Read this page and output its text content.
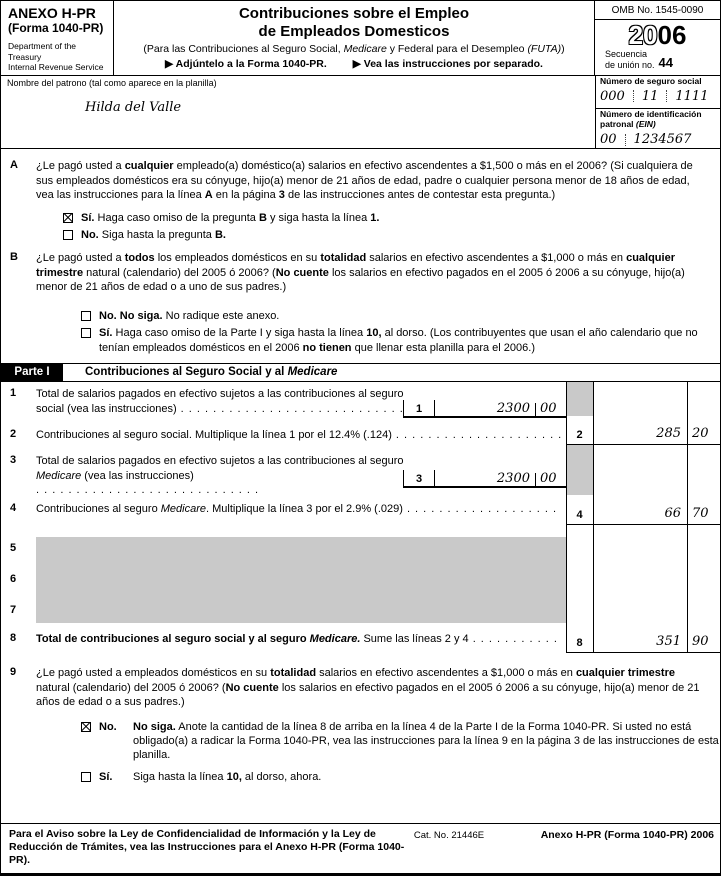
ANEXO H-PR
(Forma 1040-PR)
Department of the Treasury
Internal Revenue Service
Contribuciones sobre el Empleo
de Empleados Domesticos
(Para las Contribuciones al Seguro Social, Medicare y Federal para el Desempleo (FUTA))
▶ Adjúntelo a la Forma 1040-PR. ▶ Vea las instrucciones por separado.
OMB No. 1545-0090
2006
Secuencia
de unión no. 44
Nombre del patrono (tal como aparece en la planilla)
Hilda del Valle
Número de seguro social
000 11 1111
Número de identificación
patronal (EIN)
00 1234567
A	¿Le pagó usted a cualquier empleado(a) doméstico(a) salarios en efectivo ascendentes a $1,500 o más en el 2006? (Si cualquiera de sus empleados domésticos era su cónyuge, hijo(a) menor de 21 años de edad, padre o cualquier persona menor de 18 años de edad, vea las instrucciones para la línea A en la página 3 de las instrucciones antes de contestar esta pregunta.)
Sí. Haga caso omiso de la pregunta B y siga hasta la línea 1.
No. Siga hasta la pregunta B.
B	¿Le pagó usted a todos los empleados domésticos en su totalidad salarios en efectivo ascendentes a $1,000 o más en cualquier trimestre natural (calendario) del 2005 ó 2006? (No cuente los salarios en efectivo pagados en el 2005 ó 2006 a su cónyuge, hijo(a) menor de 21 años de edad o a uno de sus padres.)
No. No siga. No radique este anexo.
Sí. Haga caso omiso de la Parte I y siga hasta la línea 10, al dorso. (Los contribuyentes que usan el año calendario que no tenían empleados domésticos en el 2006 no tienen que llenar esta planilla para el 2006.)
Parte I	Contribuciones al Seguro Social y al Medicare
1	Total de salarios pagados en efectivo sujetos a las contribuciones al seguro social (vea las instrucciones) . .	1	2300 00
2	Contribuciones al seguro social. Multiplique la línea 1 por el 12.4% (.124) . .	2	285 20
3	Total de salarios pagados en efectivo sujetos a las contribuciones al seguro Medicare (vea las instrucciones) . .	3	2300 00
4	Contribuciones al seguro Medicare. Multiplique la línea 3 por el 2.9% (.029) . .	4	66 70
5
6
7
8	Total de contribuciones al seguro social y al seguro Medicare. Sume las líneas 2 y 4 . .	8	351 90
9	¿Le pagó usted a empleados domésticos en su totalidad salarios en efectivo ascendentes a $1,000 o más en cualquier trimestre natural (calendario) del 2005 ó 2006? (No cuente los salarios en efectivo pagados en el 2005 ó 2006 a su cónyuge, hijo(a) menor de 21 años de edad o a sus padres.)
No.	No siga. Anote la cantidad de la línea 8 de arriba en la línea 4 de la Parte I de la Forma 1040-PR. Si usted no está obligado(a) a radicar la Forma 1040-PR, vea las instrucciones para la línea 9 en la página 3 de las instrucciones de esta planilla.
Sí.	Siga hasta la línea 10, al dorso, ahora.
Para el Aviso sobre la Ley de Confidencialidad de Información y la Ley de
Reducción de Trámites, vea las Instrucciones para el Anexo H-PR (Forma 1040-PR).
Cat. No. 21446E	Anexo H-PR (Forma 1040-PR) 2006
